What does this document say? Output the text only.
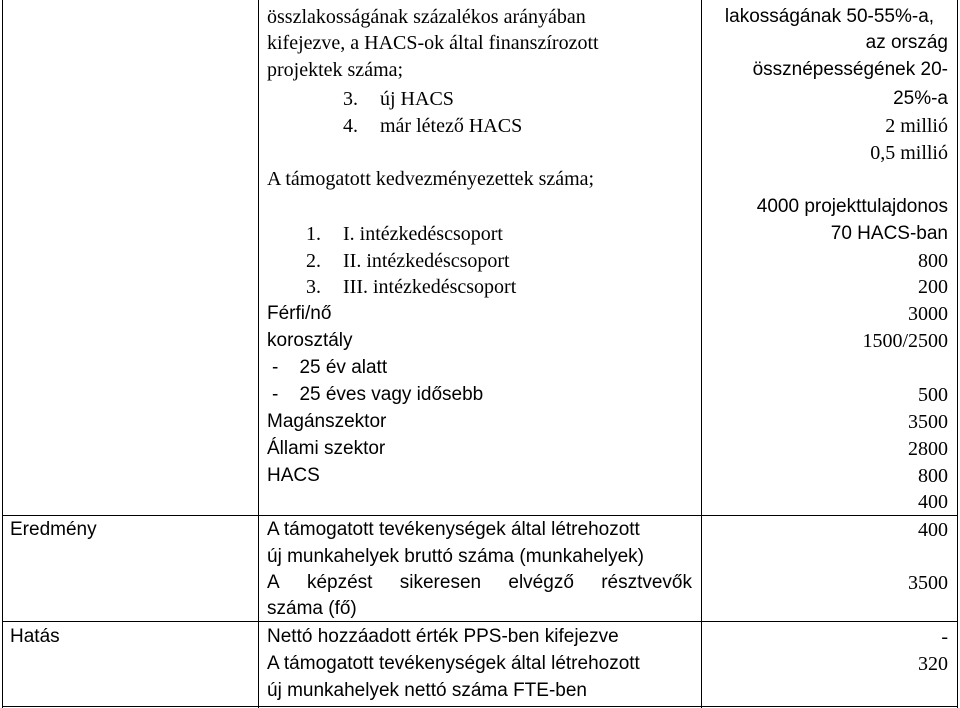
Eredmény
Hatás
összlakosságának százalékos arányában
kifejezve, a HACS-ok által finanszírozott
projektek száma;
3. új HACS
4. már létező HACS
A támogatott kedvezményezettek száma;
1. I. intézkedéscsoport
2. II. intézkedéscsoport
3. III. intézkedéscsoport
Férfi/nő
korosztály
-    25 év alatt
-    25 éves vagy idősebb
Magánszektor
Állami szektor
HACS
A támogatott tevékenységek által létrehozott
új munkahelyek bruttó száma (munkahelyek)
A képzést sikeresen elvégző résztvevők
száma (fő)
Nettó hozzáadott érték PPS-ben kifejezve
A támogatott tevékenységek által létrehozott
új munkahelyek nettó száma FTE-ben
lakosságának 50-55%-a,
az ország
össznépességének 20-
25%-a
2 millió
0,5 millió
4000 projekttulajdonos
70 HACS-ban
800
200
3000
1500/2500
500
3500
2800
800
400
400
3500
-
320
